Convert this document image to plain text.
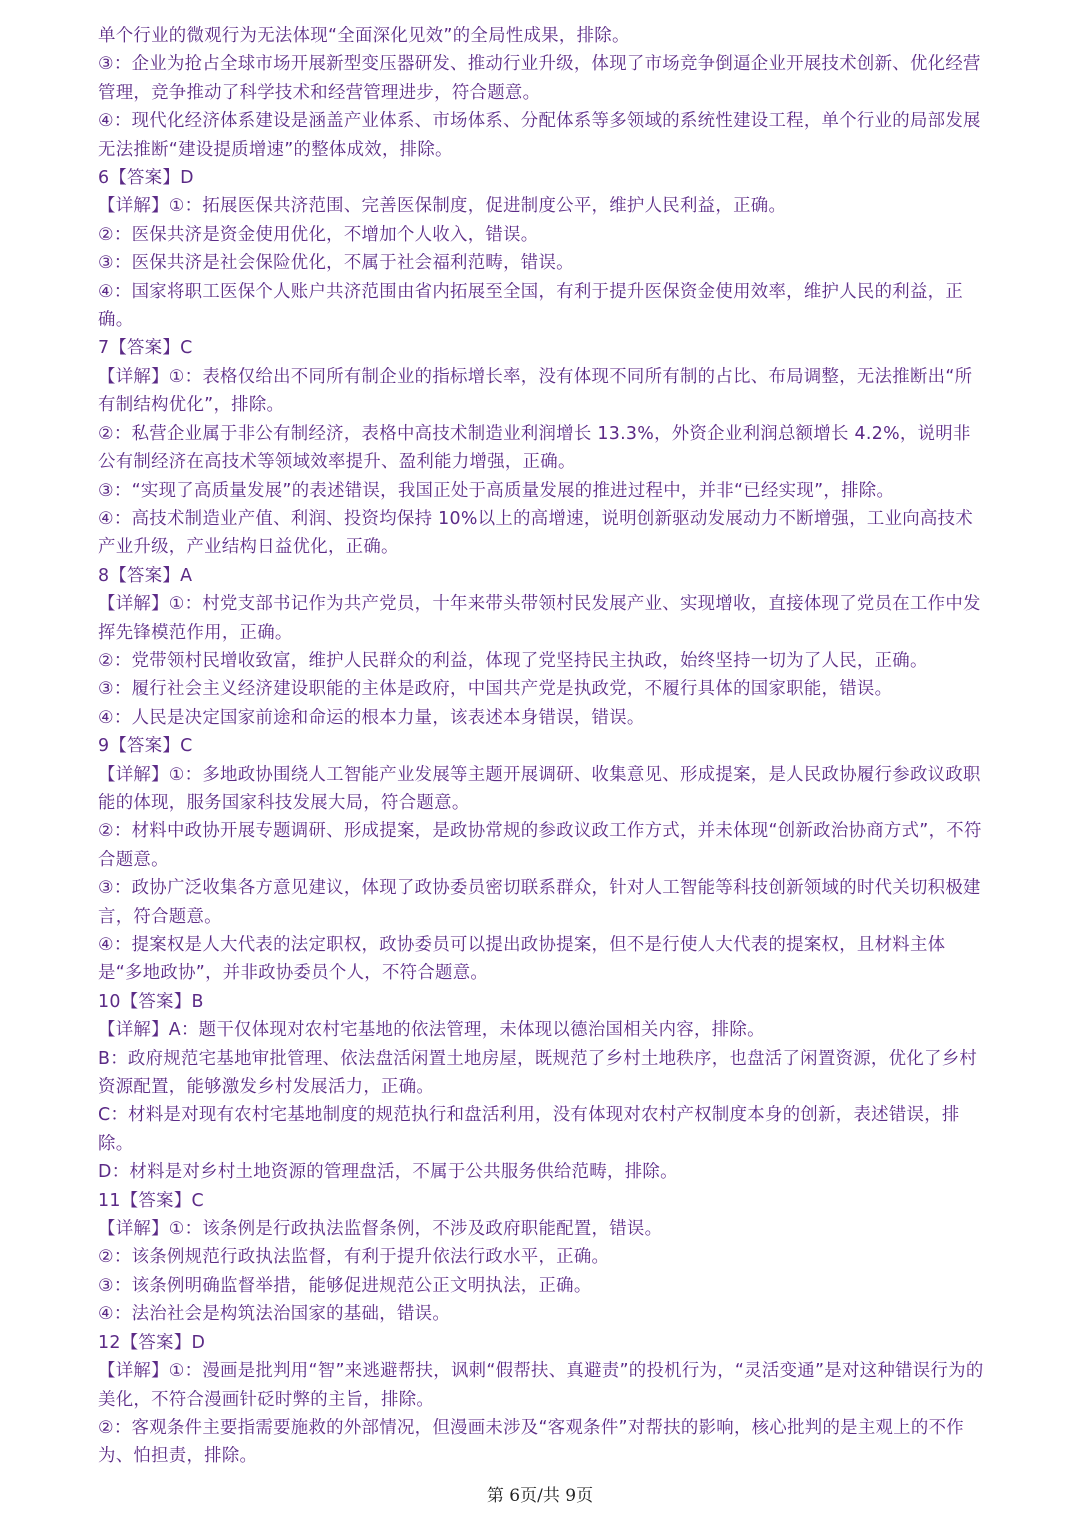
单个行业的微观行为无法体现“全面深化见效”的全局性成果，排除。

③：企业为抢占全球市场开展新型变压器研发、推动行业升级，体现了市场竞争倒逼企业开展技术创新、优化经营管理，竞争推动了科学技术和经营管理进步，符合题意。

④：现代化经济体系建设是涵盖产业体系、市场体系、分配体系等多领域的系统性建设工程，单个行业的局部发展无法推断“建设提质增速”的整体成效，排除。

6【答案】D

【详解】①：拓展医保共济范围、完善医保制度，促进制度公平，维护人民利益，正确。

②：医保共济是资金使用优化，不增加个人收入，错误。

③：医保共济是社会保险优化，不属于社会福利范畴，错误。

④：国家将职工医保个人账户共济范围由省内拓展至全国，有利于提升医保资金使用效率，维护人民的利益，正确。

7【答案】C

【详解】①：表格仅给出不同所有制企业的指标增长率，没有体现不同所有制的占比、布局调整，无法推断出“所有制结构优化”，排除。

②：私营企业属于非公有制经济，表格中高技术制造业利润增长 13.3%，外资企业利润总额增长 4.2%，说明非公有制经济在高技术等领域效率提升、盈利能力增强，正确。

③：“实现了高质量发展”的表述错误，我国正处于高质量发展的推进过程中，并非“已经实现”，排除。

④：高技术制造业产值、利润、投资均保持 10%以上的高增速，说明创新驱动发展动力不断增强，工业向高技术产业升级，产业结构日益优化，正确。

8【答案】A

【详解】①：村党支部书记作为共产党员，十年来带头带领村民发展产业、实现增收，直接体现了党员在工作中发挥先锋模范作用，正确。

②：党带领村民增收致富，维护人民群众的利益，体现了党坚持民主执政，始终坚持一切为了人民，正确。

③：履行社会主义经济建设职能的主体是政府，中国共产党是执政党，不履行具体的国家职能，错误。

④：人民是决定国家前途和命运的根本力量，该表述本身错误，错误。

9【答案】C

【详解】①：多地政协围绕人工智能产业发展等主题开展调研、收集意见、形成提案，是人民政协履行参政议政职能的体现，服务国家科技发展大局，符合题意。

②：材料中政协开展专题调研、形成提案，是政协常规的参政议政工作方式，并未体现“创新政治协商方式”，不符合题意。

③：政协广泛收集各方意见建议，体现了政协委员密切联系群众，针对人工智能等科技创新领域的时代关切积极建言，符合题意。

④：提案权是人大代表的法定职权，政协委员可以提出政协提案，但不是行使人大代表的提案权，且材料主体是“多地政协”，并非政协委员个人，不符合题意。

10【答案】B

【详解】A：题干仅体现对农村宅基地的依法管理，未体现以德治国相关内容，排除。

B：政府规范宅基地审批管理、依法盘活闲置土地房屋，既规范了乡村土地秩序，也盘活了闲置资源，优化了乡村资源配置，能够激发乡村发展活力，正确。

C：材料是对现有农村宅基地制度的规范执行和盘活利用，没有体现对农村产权制度本身的创新，表述错误，排除。

D：材料是对乡村土地资源的管理盘活，不属于公共服务供给范畴，排除。

11【答案】C

【详解】①：该条例是行政执法监督条例，不涉及政府职能配置，错误。

②：该条例规范行政执法监督，有利于提升依法行政水平，正确。

③：该条例明确监督举措，能够促进规范公正文明执法，正确。

④：法治社会是构筑法治国家的基础，错误。

12【答案】D

【详解】①：漫画是批判用“智”来逃避帮扶，讽刺“假帮扶、真避责”的投机行为，“灵活变通”是对这种错误行为的美化，不符合漫画针砭时弊的主旨，排除。

②：客观条件主要指需要施救的外部情况，但漫画未涉及“客观条件”对帮扶的影响，核心批判的是主观上的不作为、怕担责，排除。

第 6页/共 9页
